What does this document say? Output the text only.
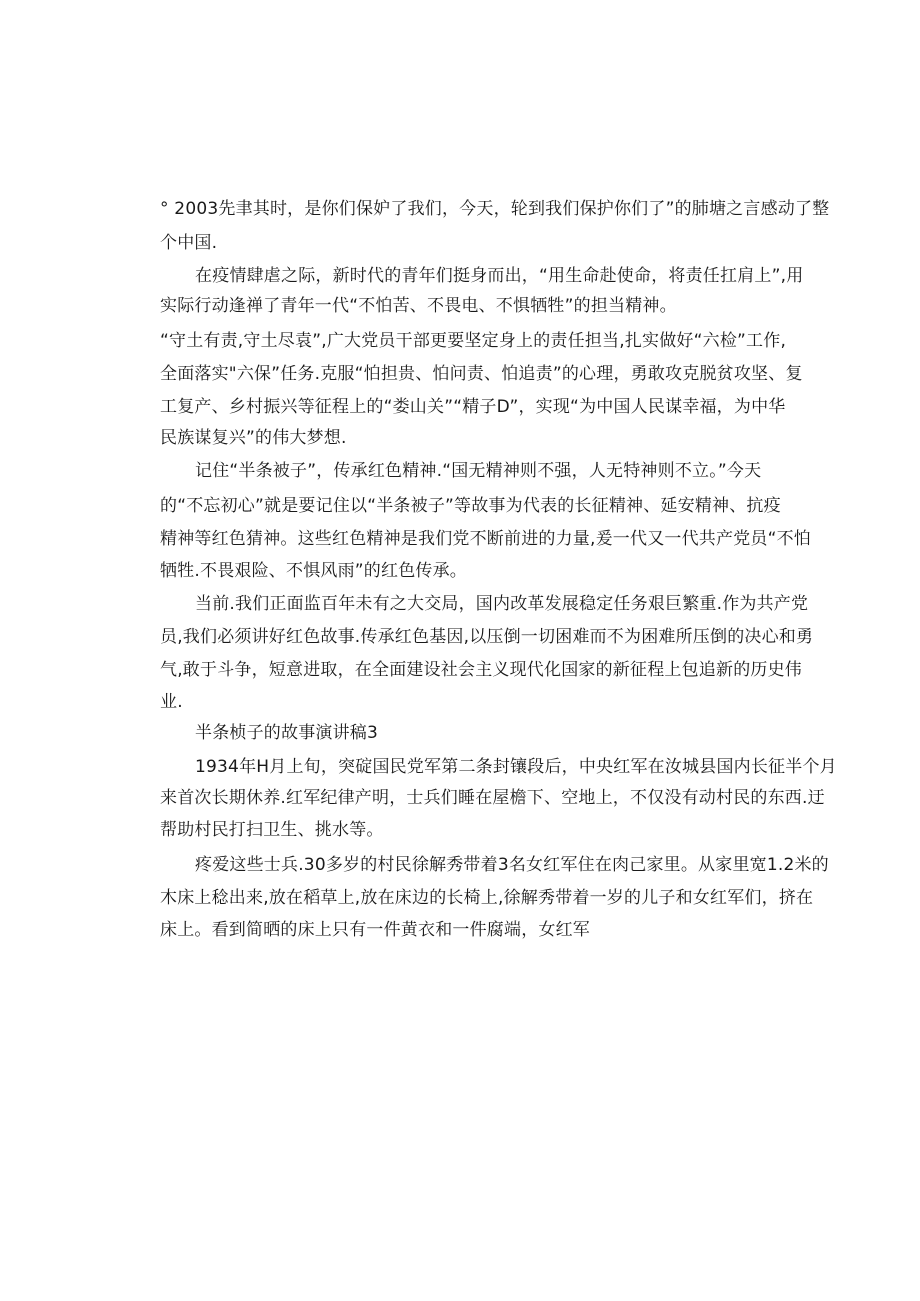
° 2003先聿其时，是你们保妒了我们，今天，轮到我们保护你们了”的肺塘之言感动了整
个中国.
在疫情肆虐之际，新时代的青年们挺身而出，“用生命赴使命，将责任扛肩上”,用
实际行动逢禅了青年一代“不怕苦、不畏电、不惧牺牲”的担当精神。
“守土有责,守土尽袁”,广大党员干部更要坚定身上的责任担当,扎实做好“六检”工作,
全面落实"六保”任务.克服“怕担贵、怕问责、怕追责”的心理，勇敢攻克脱贫攻坚、复
工复产、乡村振兴等征程上的“娄山关”“精子D”，实现“为中国人民谋幸福，为中华
民族谋复兴”的伟大梦想.
记住“半条被子”，传承红色精神.“国无精神则不强，人无特神则不立。”今天
的“不忘初心”就是要记住以“半条被子”等故事为代表的长征精神、延安精神、抗疫
精神等红色猜神。这些红色精神是我们党不断前进的力量,爰一代又一代共产党员“不怕
牺牲.不畏艰险、不惧风雨”的红色传承。
当前.我们正面监百年未有之大交局，国内改革发展稳定任务艰巨繁重.作为共产党
员,我们必须讲好红色故事.传承红色基因,以压倒一切困难而不为困难所压倒的决心和勇
气,敢于斗争，短意进取，在全面建设社会主义现代化国家的新征程上包追新的历史伟
业.
半条桢子的故事演讲稿3
1934年H月上旬，突碇国民党军第二条封镶段后，中央红军在汝城县国内长征半个月
来首次长期休养.红军纪律产明，士兵们睡在屋檐下、空地上，不仅没有动村民的东西.迂
帮助村民打扫卫生、挑水等。
疼爱这些士兵.30多岁的村民徐解秀带着3名女红军住在肉己家里。从家里宽1.2米的
木床上稔出来,放在稻草上,放在床边的长椅上,徐解秀带着一岁的儿子和女红军们，挤在
床上。看到简晒的床上只有一件黄衣和一件腐端，女红军
